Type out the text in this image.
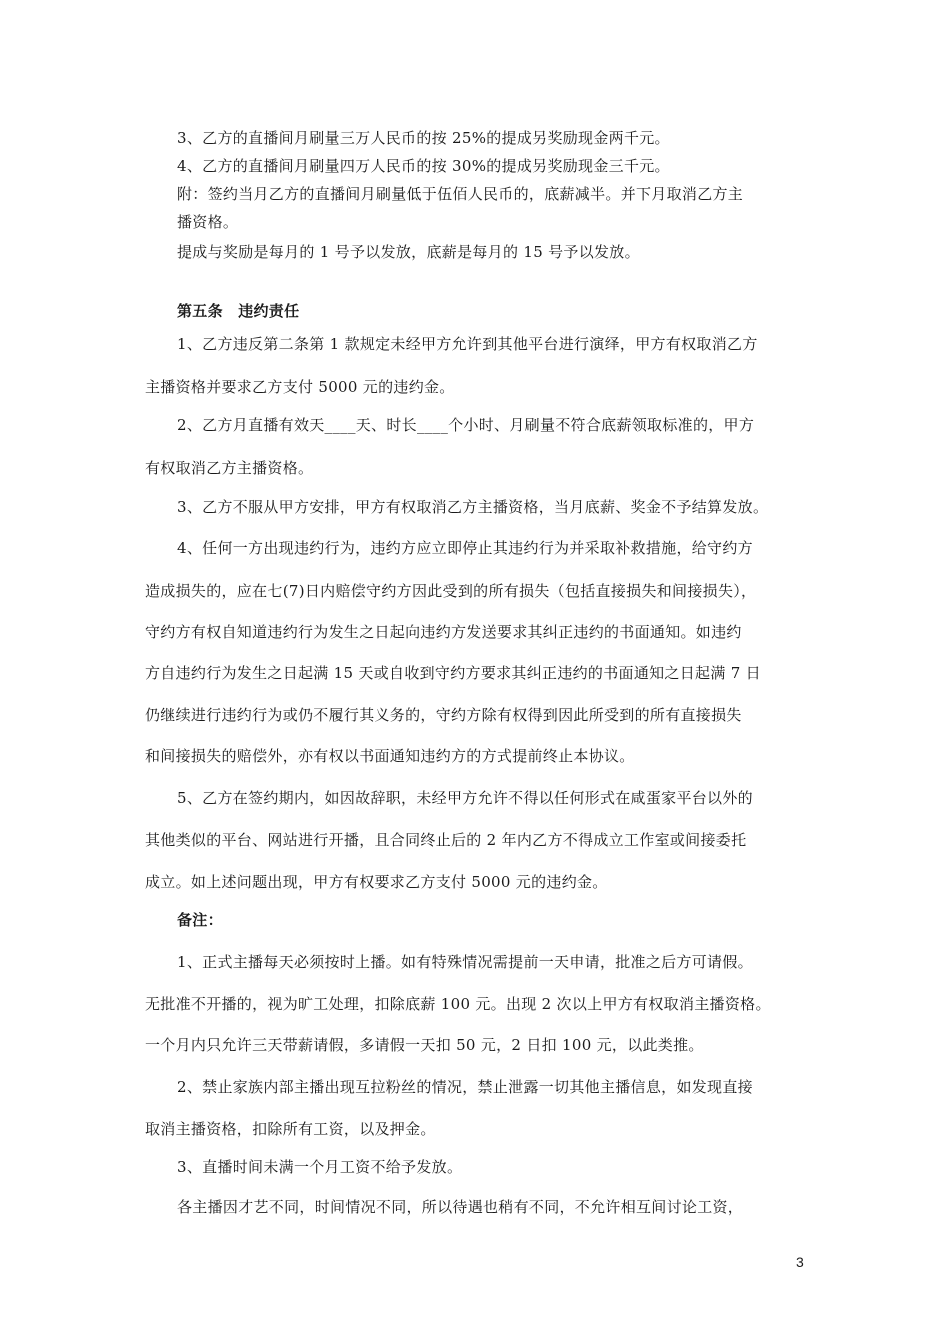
3、乙方的直播间月刷量三万人民币的按 25%的提成另奖励现金两千元。
4、乙方的直播间月刷量四万人民币的按 30%的提成另奖励现金三千元。
附：签约当月乙方的直播间月刷量低于伍佰人民币的，底薪减半。并下月取消乙方主
播资格。
提成与奖励是每月的 1 号予以发放，底薪是每月的 15 号予以发放。
第五条　违约责任
1、乙方违反第二条第 1 款规定未经甲方允许到其他平台进行演绎，甲方有权取消乙方
主播资格并要求乙方支付 5000 元的违约金。
2、乙方月直播有效天____天、时长____个小时、月刷量不符合底薪领取标准的，甲方
有权取消乙方主播资格。
3、乙方不服从甲方安排，甲方有权取消乙方主播资格，当月底薪、奖金不予结算发放。
4、任何一方出现违约行为，违约方应立即停止其违约行为并采取补救措施，给守约方
造成损失的，应在七(7)日内赔偿守约方因此受到的所有损失（包括直接损失和间接损失），
守约方有权自知道违约行为发生之日起向违约方发送要求其纠正违约的书面通知。如违约
方自违约行为发生之日起满 15 天或自收到守约方要求其纠正违约的书面通知之日起满 7 日
仍继续进行违约行为或仍不履行其义务的，守约方除有权得到因此所受到的所有直接损失
和间接损失的赔偿外，亦有权以书面通知违约方的方式提前终止本协议。
5、乙方在签约期内，如因故辞职，未经甲方允许不得以任何形式在咸蛋家平台以外的
其他类似的平台、网站进行开播，且合同终止后的 2 年内乙方不得成立工作室或间接委托
成立。如上述问题出现，甲方有权要求乙方支付 5000 元的违约金。
备注：
1、正式主播每天必须按时上播。如有特殊情况需提前一天申请，批准之后方可请假。
无批准不开播的，视为旷工处理，扣除底薪 100 元。出现 2 次以上甲方有权取消主播资格。
一个月内只允许三天带薪请假，多请假一天扣 50 元，2 日扣 100 元，以此类推。
2、禁止家族内部主播出现互拉粉丝的情况，禁止泄露一切其他主播信息，如发现直接
取消主播资格，扣除所有工资，以及押金。
3、直播时间未满一个月工资不给予发放。
各主播因才艺不同，时间情况不同，所以待遇也稍有不同，不允许相互间讨论工资，
3
